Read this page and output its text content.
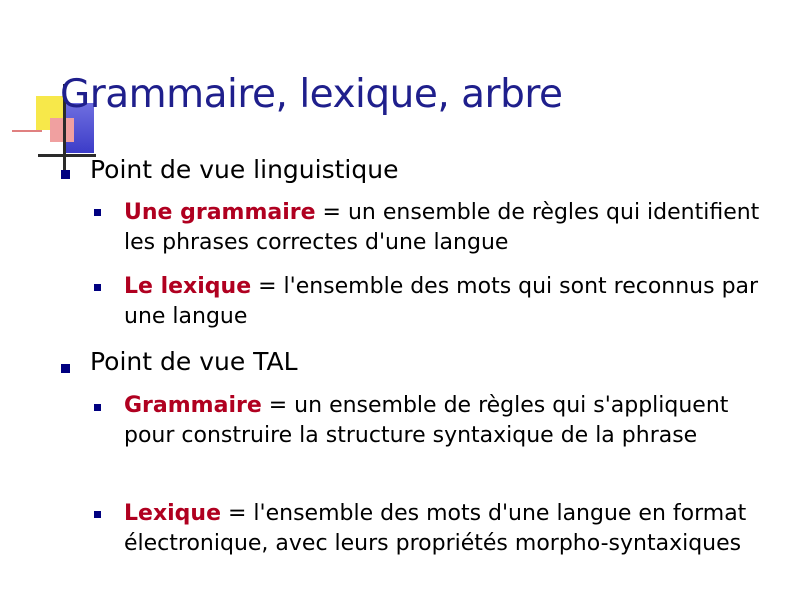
Grammaire, lexique, arbre
Point de vue linguistique
Une grammaire = un ensemble de règles qui identifient les phrases correctes d'une langue
Le lexique = l'ensemble des mots qui sont reconnus par une langue
Point de vue TAL
Grammaire = un ensemble de règles qui s'appliquent pour construire la structure syntaxique de la phrase
Lexique = l'ensemble des mots d'une langue en format électronique, avec leurs propriétés morpho-syntaxiques
